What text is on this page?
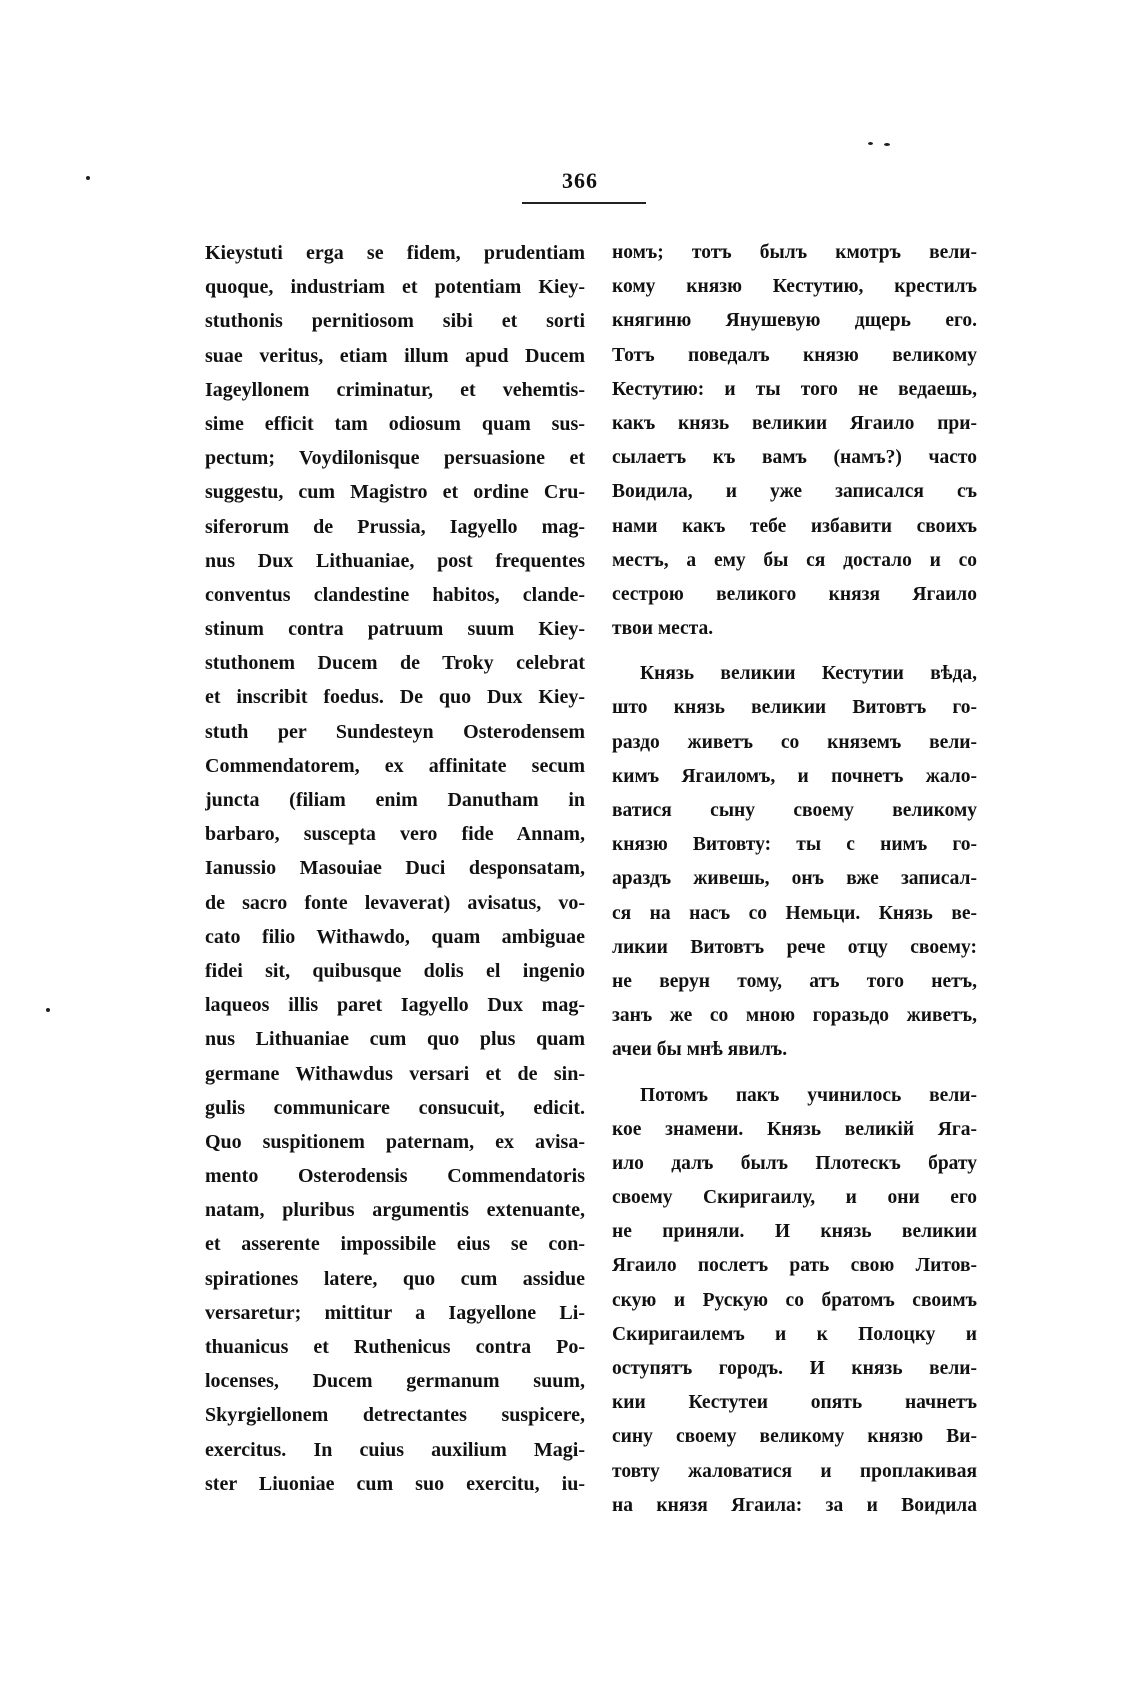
366
Kieystuti erga se fidem, prudentiam
quoque, industriam et potentiam Kiey-
stuthonis pernitiosom sibi et sorti
suae veritus, etiam illum apud Ducem
Iageyllonem criminatur, et vehemtis-
sime efficit tam odiosum quam sus-
pectum; Voydilonisque persuasione et
suggestu, cum Magistro et ordine Cru-
siferorum de Prussia, Iagyello mag-
nus Dux Lithuaniae, post frequentes
conventus clandestine habitos, clande-
stinum contra patruum suum Kiey-
stuthonem Ducem de Troky celebrat
et inscribit foedus. De quo Dux Kiey-
stuth per Sundesteyn Osterodensem
Commendatorem, ex affinitate secum
juncta (filiam enim Danutham in
barbaro, suscepta vero fide Annam,
Ianussio Masouiae Duci desponsatam,
de sacro fonte levaverat) avisatus, vo-
cato filio Withawdo, quam ambiguae
fidei sit, quibusque dolis el ingenio
laqueos illis paret Iagyello Dux mag-
nus Lithuaniae cum quo plus quam
germane Withawdus versari et de sin-
gulis communicare consucuit, edicit.
Quo suspitionem paternam, ex avisa-
mento Osterodensis Commendatoris
natam, pluribus argumentis extenuante,
et asserente impossibile eius se con-
spirationes latere, quo cum assidue
versaretur; mittitur a Iagyellone Li-
thuanicus et Ruthenicus contra Po-
locenses, Ducem germanum suum,
Skyrgiellonem detrectantes suspicere,
exercitus. In cuius auxilium Magi-
ster Liuoniae cum suo exercitu, iu-
номъ; тотъ былъ кмотръ вели-
кому князю Кестутию, крестилъ
княгиню Янушевую дщерь его.
Тотъ поведалъ князю великому
Кестутию: и ты того не ведаешь,
какъ князь великии Ягаило при-
сылаетъ къ вамъ (намъ?) часто
Воидила, и уже записался съ
нами какъ тебе избавити своихъ
местъ, а ему бы ся достало и со
сестрою великого князя Ягаило
твои места.
Князь великии Кестутии вѣда,
што князь великии Витовтъ го-
раздо живетъ со княземъ вели-
кимъ Ягаиломъ, и почнетъ жало-
ватися сыну своему великому
князю Витовту: ты с нимъ го-
араздъ живешь, онъ вже записал-
ся на насъ со Немьци. Князь ве-
ликии Витовтъ рече отцу своему:
не верун тому, атъ того нетъ,
занъ же со мною горазьдо живетъ,
ачеи бы мнѣ явилъ.
Потомъ пакъ учинилось вели-
кое знамени. Князь великій Яга-
ило далъ былъ Плотескъ брату
своему Скиригаилу, и они его
не приняли. И князь великии
Ягаило послетъ рать свою Литов-
скую и Рускую со братомъ своимъ
Скиригаилемъ и к Полоцку и
оступятъ городъ. И князь вели-
кии Кестутеи опять начнетъ
сину своему великому князю Ви-
товту жаловатися и проплакивая
на князя Ягаила: за и Воидила
